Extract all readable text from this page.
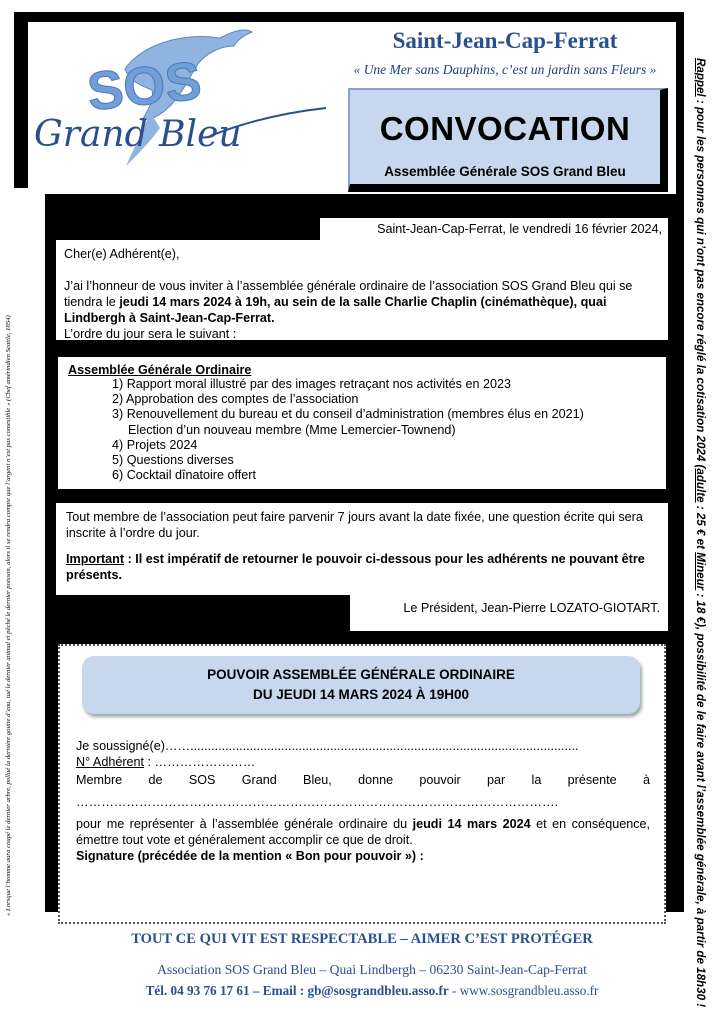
SOS
Grand Bleu
Saint-Jean-Cap-Ferrat
« Une Mer sans Dauphins, c’est un jardin sans Fleurs »
CONVOCATION
Assemblée Générale SOS Grand Bleu
« Lorsque l’homme aura coupé le dernier arbre, pollué la dernière goutte d’eau, tué le dernier animal et pêché le dernier poisson, alors il se rendra compte que l’argent n’est pas comestible » (Chef amérindien Seattle, 1854)
Rappel : pour les personnes qui n’ont pas encore réglé la cotisation 2024 (adulte : 25 € et Mineur : 18 €), possibilité de le faire avant l’assemblée générale, à partir de 18h30 !
Saint-Jean-Cap-Ferrat, le vendredi 16 février 2024,

Cher(e) Adhérent(e),

J’ai l’honneur de vous inviter à l’assemblée générale ordinaire de l’association SOS Grand Bleu qui se tiendra le jeudi 14 mars 2024 à 19h, au sein de la salle Charlie Chaplin (cinémathèque), quai Lindbergh à Saint-Jean-Cap-Ferrat.

L’ordre du jour sera le suivant :

Assemblée Générale Ordinaire
1) Rapport moral illustré par des images retraçant nos activités en 2023
2) Approbation des comptes de l’association
3) Renouvellement du bureau et du conseil d’administration (membres élus en 2021)
Election d’un nouveau membre (Mme Lemercier-Townend)
4) Projets 2024
5) Questions diverses
6) Cocktail dînatoire offert

Tout membre de l’association peut faire parvenir 7 jours avant la date fixée, une question écrite qui sera inscrite à l’ordre du jour.

Important : Il est impératif de retourner le pouvoir ci-dessous pour les adhérents ne pouvant être présents.

Le Président, Jean-Pierre LOZATO-GIOTART.
POUVOIR ASSEMBLÉE GÉNÉRALE ORDINAIRE
DU JEUDI 14 MARS 2024 À 19H00

Je soussigné(e)……...............................................................................................................

N° Adhérent : ……………………

Membre de SOS Grand Bleu, donne pouvoir par la présente à

…………………………………………………………………………………………………….

pour me représenter à l’assemblée générale ordinaire du jeudi 14 mars 2024 et en conséquence, émettre tout vote et généralement accomplir ce que de droit.

Signature (précédée de la mention « Bon pour pouvoir ») :

TOUT CE QUI VIT EST RESPECTABLE – AIMER C’EST PROTÉGER
Association SOS Grand Bleu – Quai Lindbergh – 06230 Saint-Jean-Cap-Ferrat
Tél. 04 93 76 17 61 – Email : gb@sosgrandbleu.asso.fr - www.sosgrandbleu.asso.fr
